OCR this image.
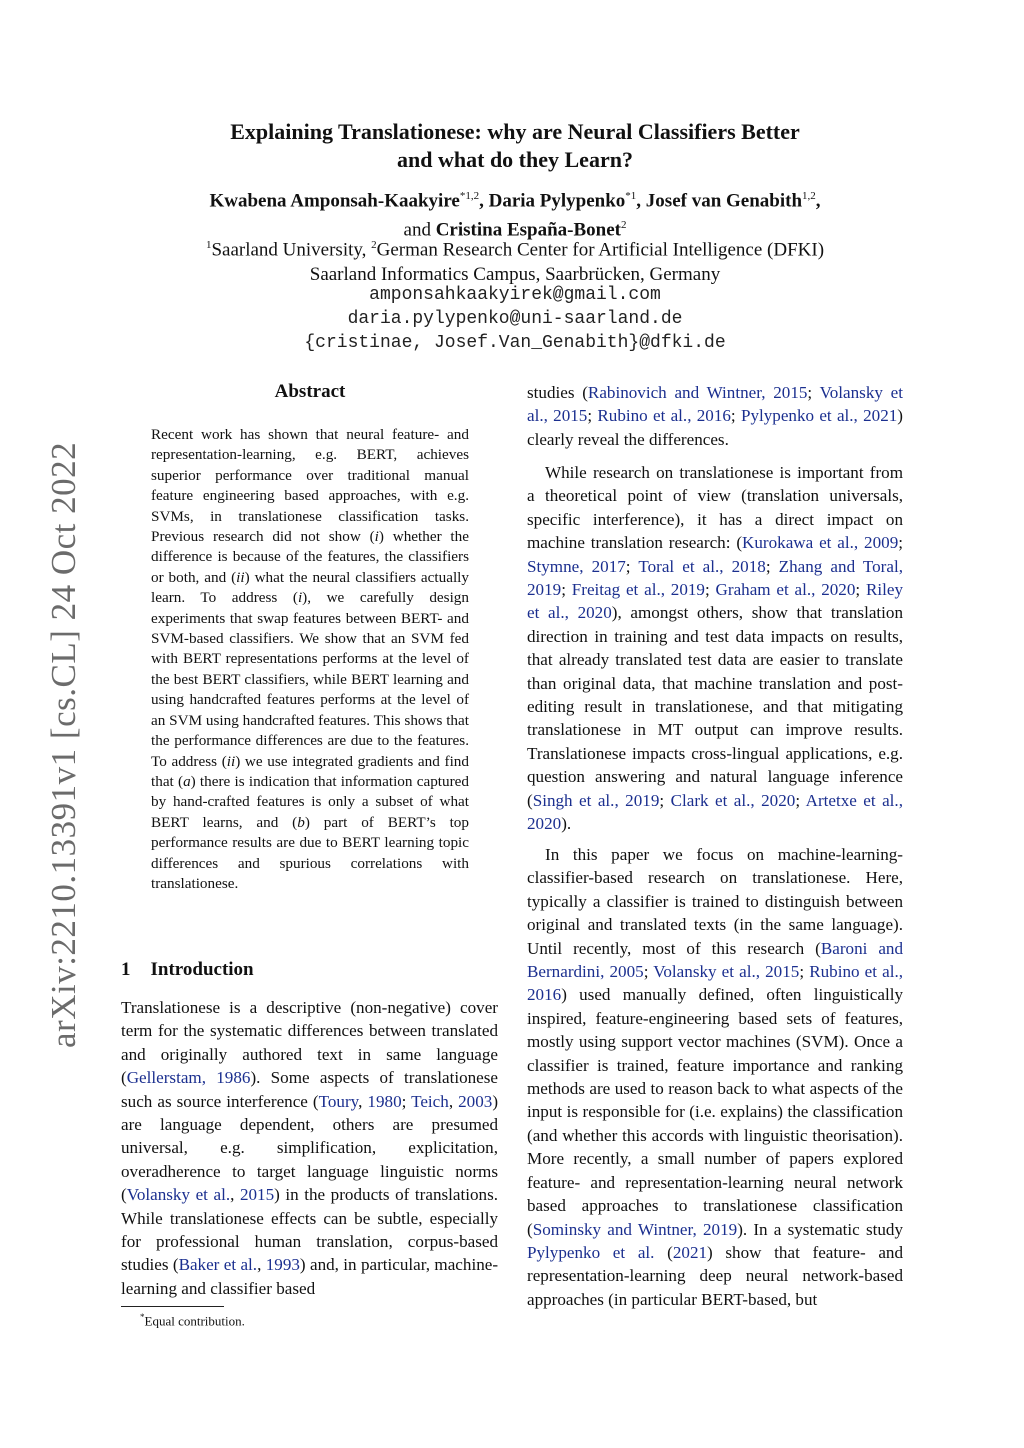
arXiv:2210.13391v1 [cs.CL] 24 Oct 2022
Explaining Translationese: why are Neural Classifiers Better
and what do they Learn?
Kwabena Amponsah-Kaakyire$^{*1,2}$, Daria Pylypenko$^{*1}$, Josef van Genabith$^{1,2}$,
and Cristina España-Bonet$^2$
$^1$Saarland University, $^2$German Research Center for Artificial Intelligence (DFKI)
Saarland Informatics Campus, Saarbrücken, Germany
amponsahkaakyirek@gmail.com
daria.pylypenko@uni-saarland.de
{cristinae, Josef.Van_Genabith}@dfki.de
Abstract
Recent work has shown that neural feature- and representation-learning, e.g. BERT, achieves superior performance over traditional manual feature engineering based approaches, with e.g. SVMs, in translationese classification tasks. Previous research did not show (i) whether the difference is because of the features, the classifiers or both, and (ii) what the neural classifiers actually learn. To address (i), we carefully design experiments that swap features between BERT- and SVM-based classifiers. We show that an SVM fed with BERT representations performs at the level of the best BERT classifiers, while BERT learning and using handcrafted features performs at the level of an SVM using handcrafted features. This shows that the performance differences are due to the features. To address (ii) we use integrated gradients and find that (a) there is indication that information captured by hand-crafted features is only a subset of what BERT learns, and (b) part of BERT’s top performance results are due to BERT learning topic differences and spurious correlations with translationese.
1 Introduction
Translationese is a descriptive (non-negative) cover term for the systematic differences between translated and originally authored text in same language (Gellerstam, 1986). Some aspects of translationese such as source interference (Toury, 1980; Teich, 2003) are language dependent, others are presumed universal, e.g. simplification, explicitation, overadherence to target language linguistic norms (Volansky et al., 2015) in the products of translations. While translationese effects can be subtle, especially for professional human translation, corpus-based studies (Baker et al., 1993) and, in particular, machine-learning and classifier based
*Equal contribution.
studies (Rabinovich and Wintner, 2015; Volansky et al., 2015; Rubino et al., 2016; Pylypenko et al., 2021) clearly reveal the differences.
While research on translationese is important from a theoretical point of view (translation universals, specific interference), it has a direct impact on machine translation research: (Kurokawa et al., 2009; Stymne, 2017; Toral et al., 2018; Zhang and Toral, 2019; Freitag et al., 2019; Graham et al., 2020; Riley et al., 2020), amongst others, show that translation direction in training and test data impacts on results, that already translated test data are easier to translate than original data, that machine translation and post-editing result in translationese, and that mitigating translationese in MT output can improve results. Translationese impacts cross-lingual applications, e.g. question answering and natural language inference (Singh et al., 2019; Clark et al., 2020; Artetxe et al., 2020).
In this paper we focus on machine-learning-classifier-based research on translationese. Here, typically a classifier is trained to distinguish between original and translated texts (in the same language). Until recently, most of this research (Baroni and Bernardini, 2005; Volansky et al., 2015; Rubino et al., 2016) used manually defined, often linguistically inspired, feature-engineering based sets of features, mostly using support vector machines (SVM). Once a classifier is trained, feature importance and ranking methods are used to reason back to what aspects of the input is responsible for (i.e. explains) the classification (and whether this accords with linguistic theorisation). More recently, a small number of papers explored feature- and representation-learning neural network based approaches to translationese classification (Sominsky and Wintner, 2019). In a systematic study Pylypenko et al. (2021) show that feature- and representation-learning deep neural network-based approaches (in particular BERT-based, but
